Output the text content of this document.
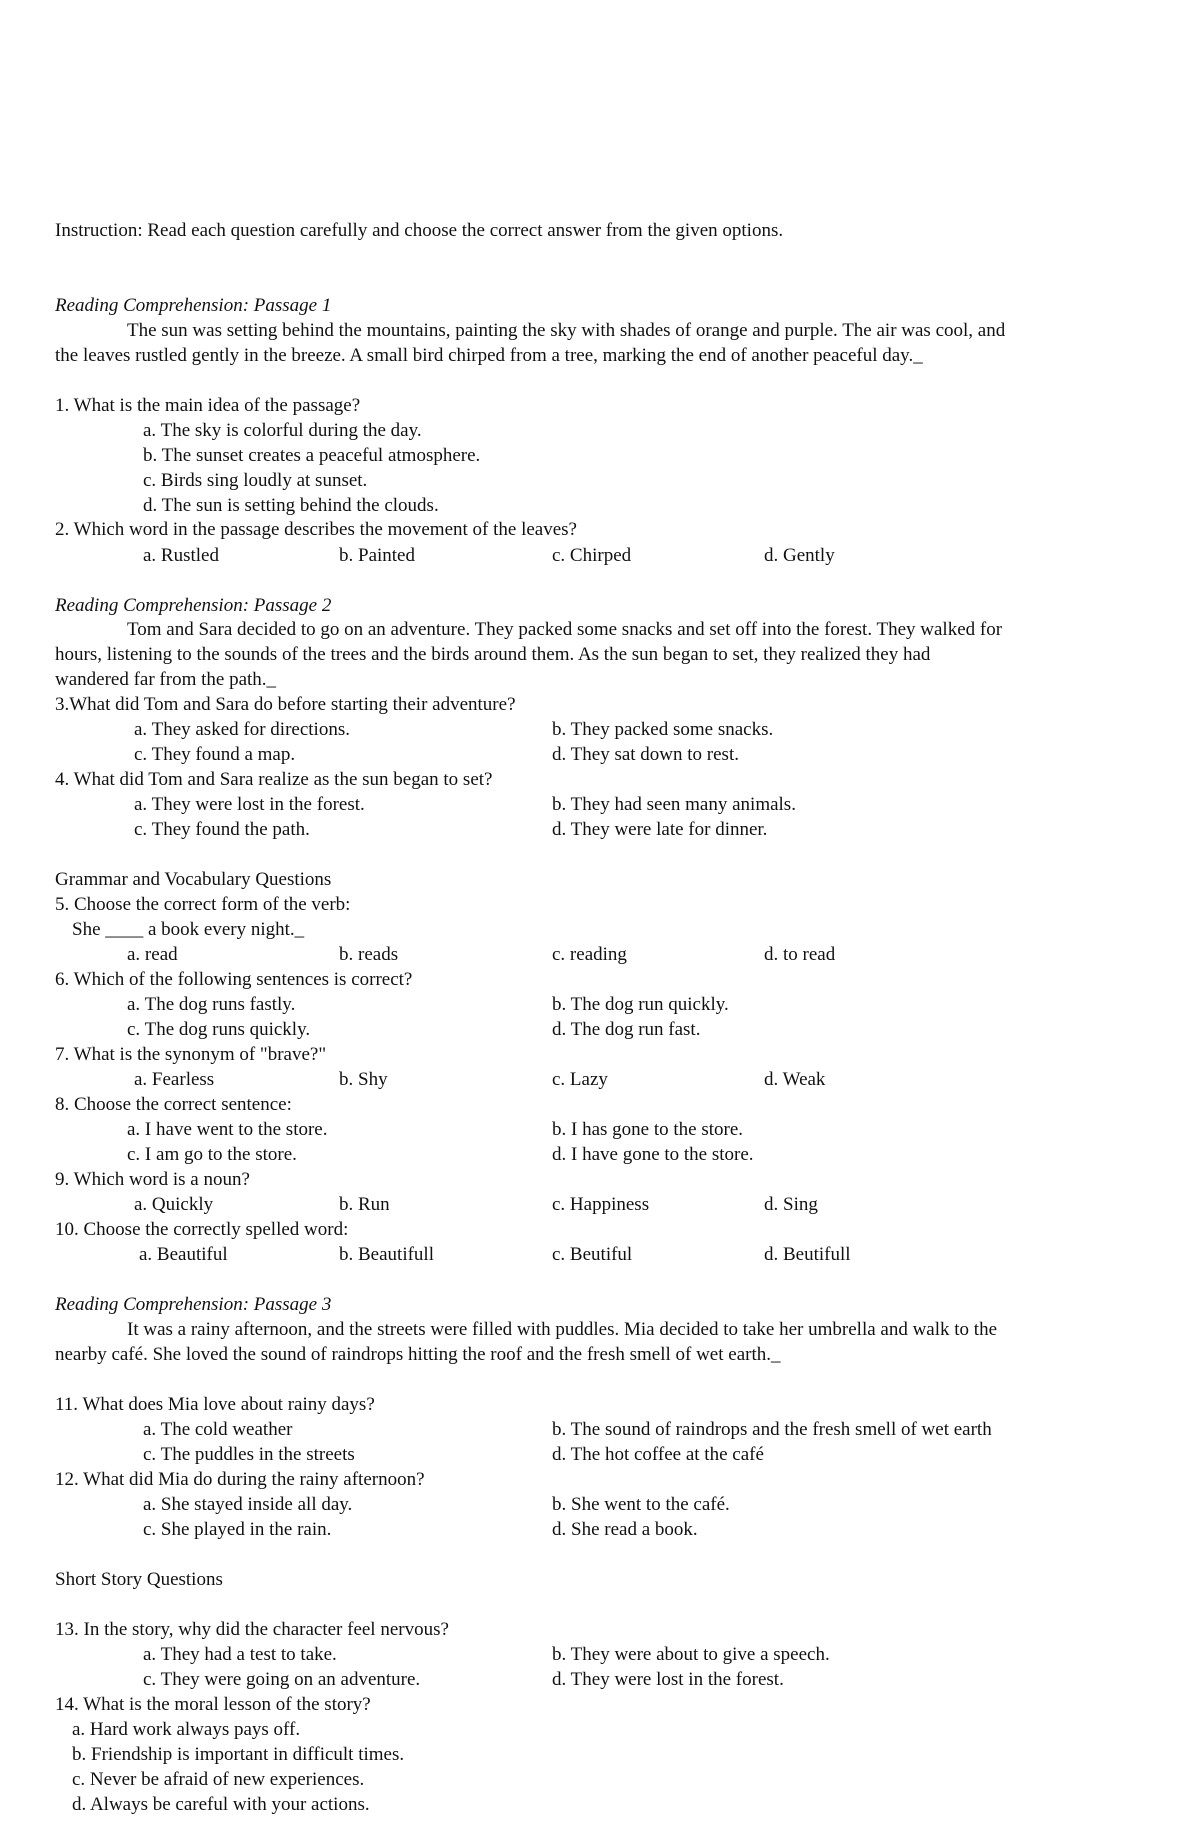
Instruction: Read each question carefully and choose the correct answer from the given options.
Reading Comprehension: Passage 1
The sun was setting behind the mountains, painting the sky with shades of orange and purple. The air was cool, and
the leaves rustled gently in the breeze. A small bird chirped from a tree, marking the end of another peaceful day._
1. What is the main idea of the passage?
a. The sky is colorful during the day.
b. The sunset creates a peaceful atmosphere.
c. Birds sing loudly at sunset.
d. The sun is setting behind the clouds.
2. Which word in the passage describes the movement of the leaves?
a. Rustled	b. Painted	c. Chirped	d. Gently
Reading Comprehension: Passage 2
Tom and Sara decided to go on an adventure. They packed some snacks and set off into the forest. They walked for
hours, listening to the sounds of the trees and the birds around them. As the sun began to set, they realized they had
wandered far from the path._
3.What did Tom and Sara do before starting their adventure?
a. They asked for directions.	b. They packed some snacks.
c. They found a map.	d. They sat down to rest.
4. What did Tom and Sara realize as the sun began to set?
a. They were lost in the forest.	b. They had seen many animals.
c. They found the path.	d. They were late for dinner.
Grammar and Vocabulary Questions
5. Choose the correct form of the verb:
She ____ a book every night._
a. read	b. reads	c. reading	d. to read
6. Which of the following sentences is correct?
a. The dog runs fastly.	b. The dog run quickly.
c. The dog runs quickly.	d. The dog run fast.
7. What is the synonym of "brave?"
a. Fearless	b. Shy	c. Lazy	d. Weak
8. Choose the correct sentence:
a. I have went to the store.	b. I has gone to the store.
c. I am go to the store.	d. I have gone to the store.
9. Which word is a noun?
a. Quickly	b. Run	c. Happiness	d. Sing
10. Choose the correctly spelled word:
a. Beautiful	b. Beautifull	c. Beutiful	d. Beutifull
Reading Comprehension: Passage 3
It was a rainy afternoon, and the streets were filled with puddles. Mia decided to take her umbrella and walk to the
nearby café. She loved the sound of raindrops hitting the roof and the fresh smell of wet earth._
11. What does Mia love about rainy days?
a. The cold weather	b. The sound of raindrops and the fresh smell of wet earth
c. The puddles in the streets	d. The hot coffee at the café
12. What did Mia do during the rainy afternoon?
a. She stayed inside all day.	b. She went to the café.
c. She played in the rain.	d. She read a book.
Short Story Questions
13. In the story, why did the character feel nervous?
a. They had a test to take.	b. They were about to give a speech.
c. They were going on an adventure.	d. They were lost in the forest.
14. What is the moral lesson of the story?
a. Hard work always pays off.
b. Friendship is important in difficult times.
c. Never be afraid of new experiences.
d. Always be careful with your actions.
